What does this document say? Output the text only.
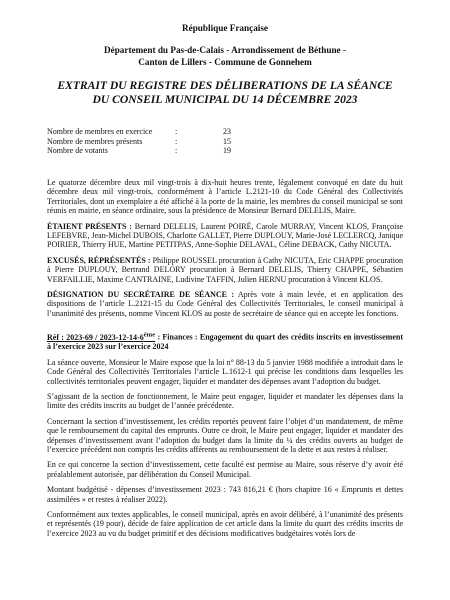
République Française
Département du Pas-de-Calais - Arrondissement de Béthune -
Canton de Lillers - Commune de Gonnehem
EXTRAIT DU REGISTRE DES DÉLIBERATIONS DE LA SÉANCE
DU CONSEIL MUNICIPAL DU 14 DÉCEMBRE 2023
Nombre de membres en exercice	:	23
Nombre de membres présents	:	15
Nombre de votants	:	19

Le quatorze décembre deux mil vingt-trois à dix-huit heures trente, légalement convoqué en date du huit décembre deux mil vingt-trois, conformément à l’article L.2121-10 du Code Général des Collectivités Territoriales, dont un exemplaire a été affiché à la porte de la mairie, les membres du conseil municipal se sont réunis en mairie, en séance ordinaire, sous la présidence de Monsieur Bernard DELELIS, Maire.

ÉTAIENT PRÉSENTS : Bernard DELELIS, Laurent POIRÉ, Carole MURRAY, Vincent KLOS, Françoise LEFEBVRE, Jean-Michel DUBOIS, Charlotte GALLET, Pierre DUPLOUY, Marie-José LECLERCQ, Janique POIRIER, Thierry HUE, Martine PETITPAS, Anne-Sophie DELAVAL, Céline DEBACK, Cathy NICUTA.

EXCUSÉS, RÉPRÉSENTÉS : Philippe ROUSSEL procuration à Cathy NICUTA, Eric CHAPPE procuration à Pierre DUPLOUY, Bertrand DELORY procuration à Bernard DELELIS, Thierry CHAPPE, Sébastien VERFAILLIE, Maxime CANTRAINE, Ludivine TAFFIN, Julien HERNU procuration à Vincent KLOS.

DÉSIGNATION DU SECRÉTAIRE DE SÉANCE : Après vote à main levée, et en application des dispositions de l’article L.2121-15 du Code Général des Collectivités Territoriales, le conseil municipal à l’unanimité des présents, nomme Vincent KLOS au poste de secrétaire de séance qui en accepte les fonctions.

Réf : 2023-69 / 2023-12-14-6ème : Finances : Engagement du quart des crédits inscrits en investissement à l’exercice 2023 sur l’exercice 2024

La séance ouverte, Monsieur le Maire expose que la loi n° 88-13 du 5 janvier 1988 modifiée a introduit dans le Code Général des Collectivités Territoriales l’article L.1612-1 qui précise les conditions dans lesquelles les collectivités territoriales peuvent engager, liquider et mandater des dépenses avant l’adoption du budget.

S’agissant de la section de fonctionnement, le Maire peut engager, liquider et mandater les dépenses dans la limite des crédits inscrits au budget de l’année précédente.

Concernant la section d’investissement, les crédits reportés peuvent faire l’objet d’un mandatement, de même que le remboursement du capital des emprunts. Outre ce droit, le Maire peut engager, liquider et mandater des dépenses d’investissement avant l’adoption du budget dans la limite du ¼ des crédits ouverts au budget de l’exercice précédent non compris les crédits afférents au remboursement de la dette et aux restes à réaliser.

En ce qui concerne la section d’investissement, cette faculté est permise au Maire, sous réserve d’y avoir été préalablement autorisée, par délibération du Conseil Municipal.

Montant budgétisé - dépenses d’investissement 2023 : 743 816,21 € (hors chapitre 16 « Emprunts et dettes assimilées » et restes à réaliser 2022).

Conformément aux textes applicables, le conseil municipal, après en avoir délibéré, à l’unanimité des présents et représentés (19 pour), décide de faire application de cet article dans la limite du quart des crédits inscrits de l’exercice 2023 au vu du budget primitif et des décisions modificatives budgétaires votés lors de
